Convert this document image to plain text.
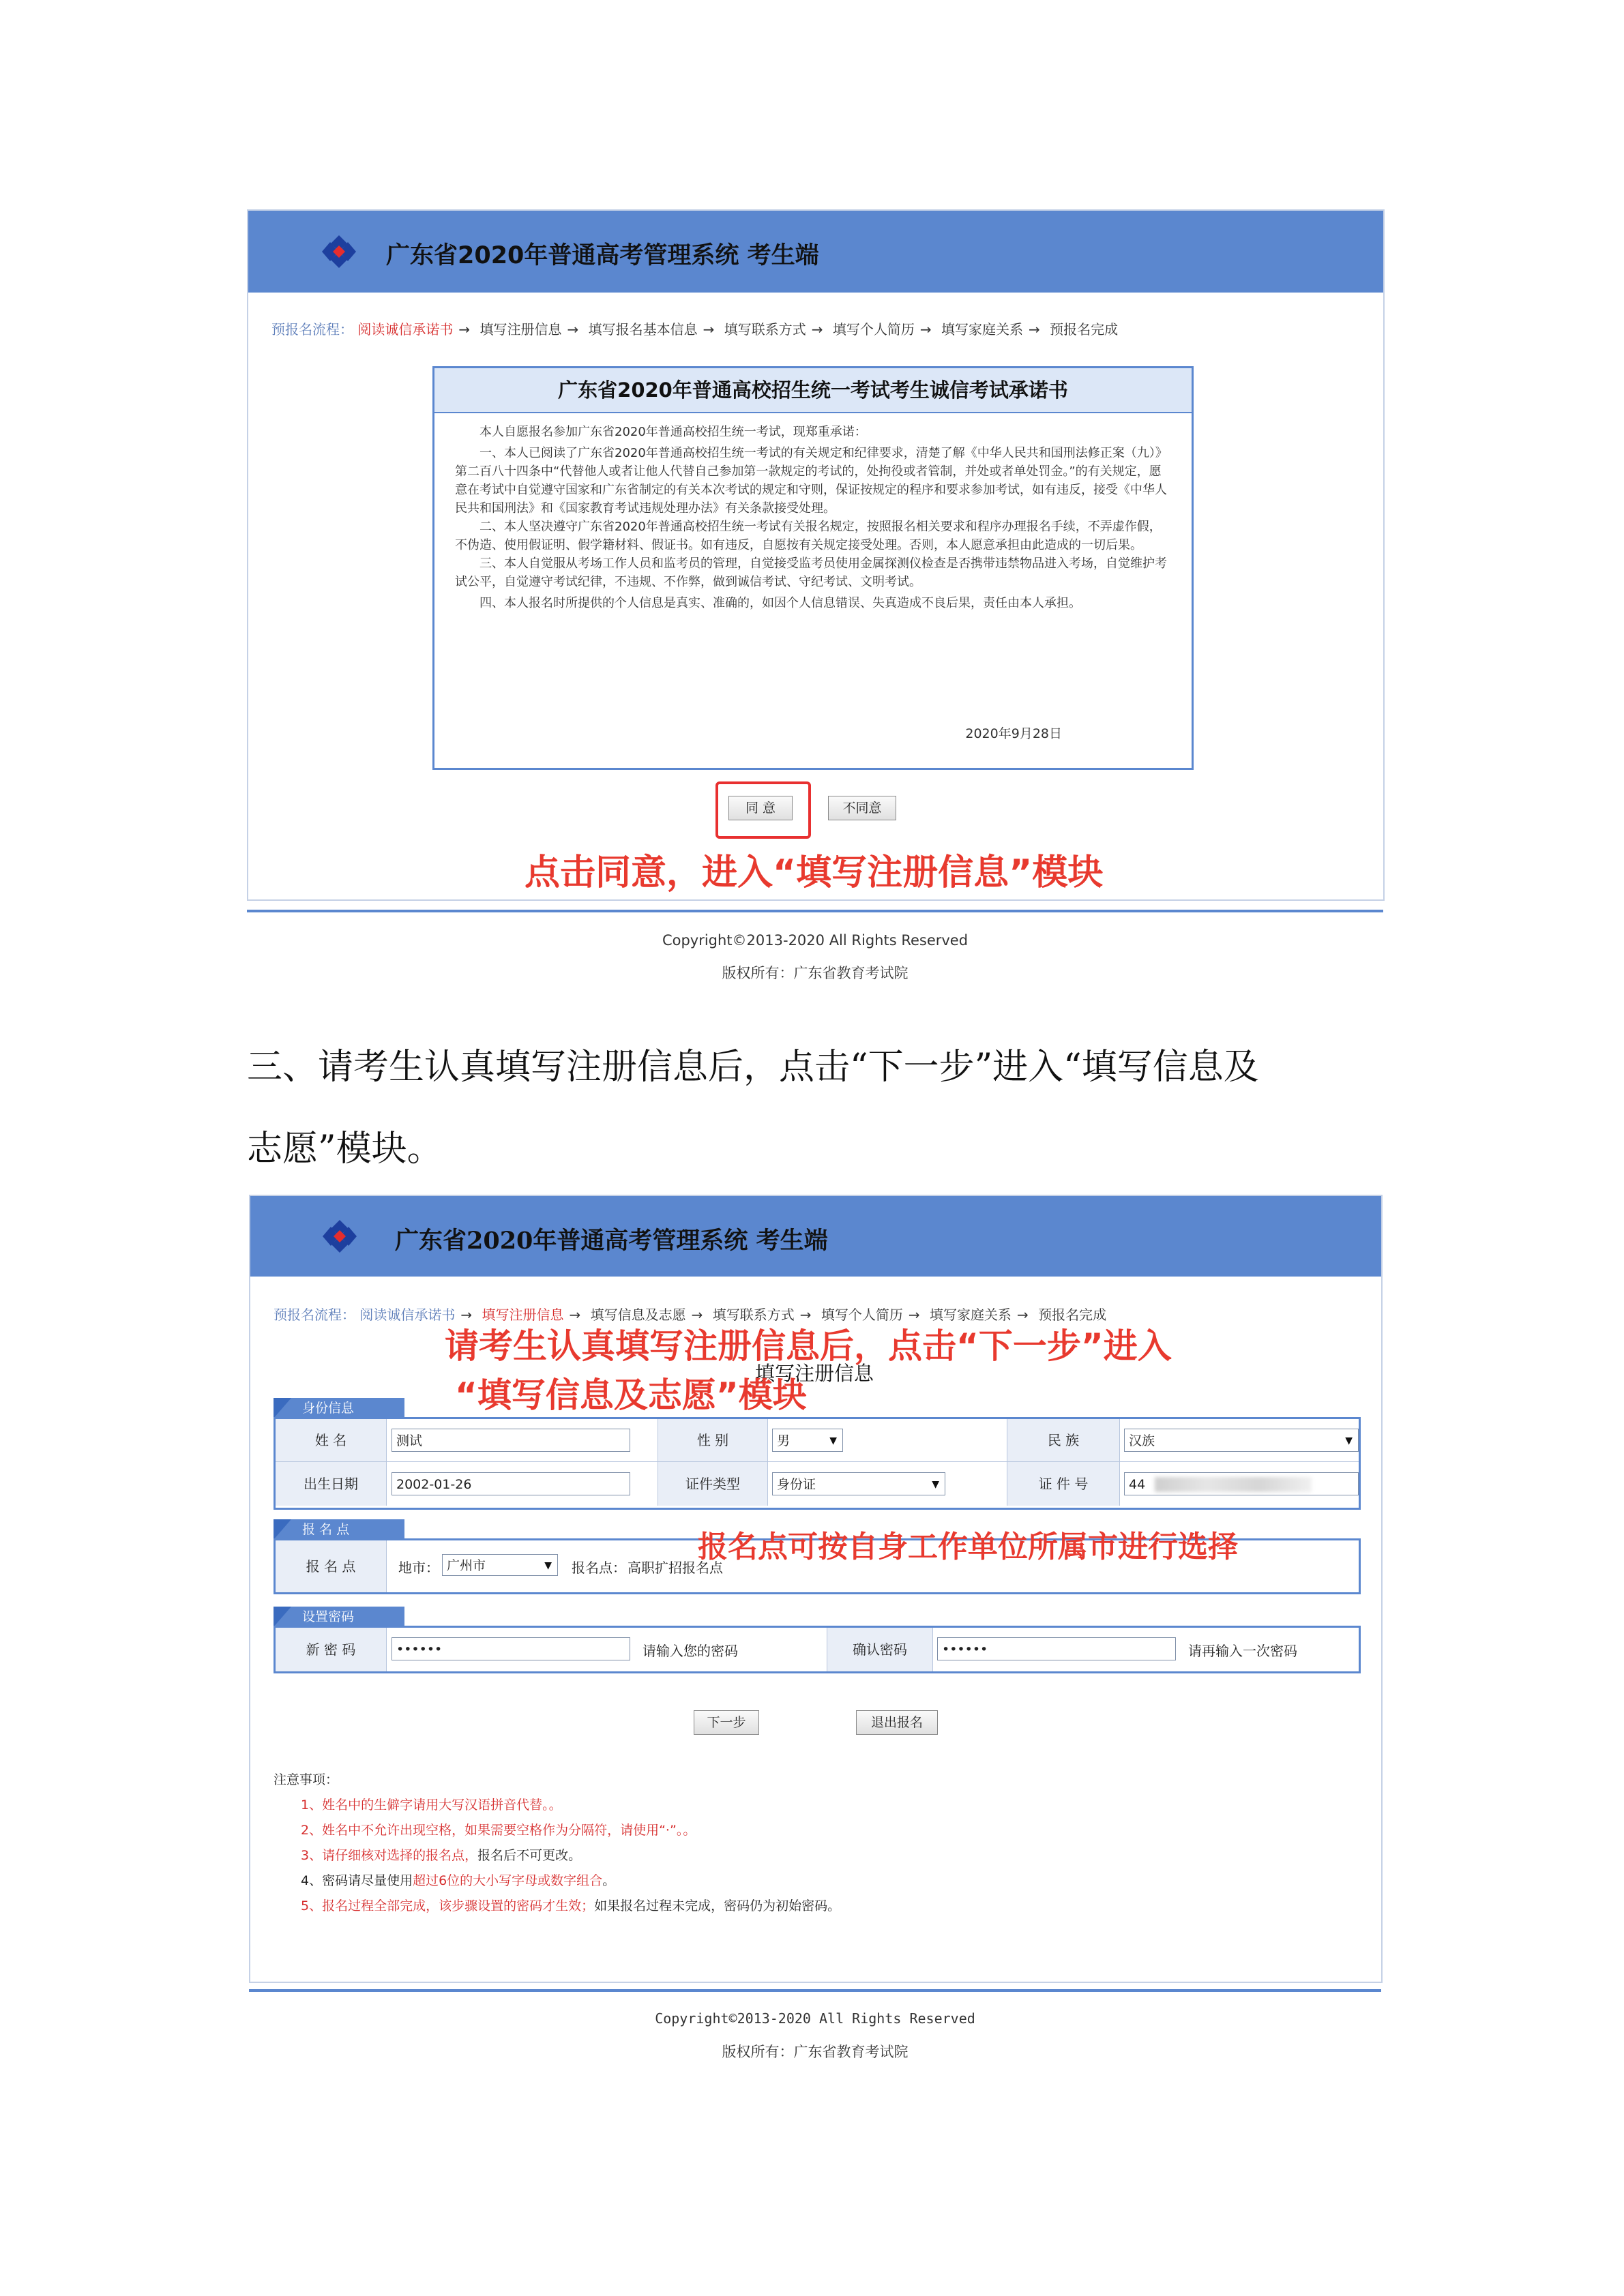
广东省2020年普通高考管理系统 考生端
预报名流程： 阅读诚信承诺书 → 填写注册信息 → 填写报名基本信息 → 填写联系方式 → 填写个人简历 → 填写家庭关系 → 预报名完成
广东省2020年普通高校招生统一考试考生诚信考试承诺书

本人自愿报名参加广东省2020年普通高校招生统一考试，现郑重承诺：

一、本人已阅读了广东省2020年普通高校招生统一考试的有关规定和纪律要求，清楚了解《中华人民共和国刑法修正案（九）》第二百八十四条中“代替他人或者让他人代替自己参加第一款规定的考试的，处拘役或者管制，并处或者单处罚金。”的有关规定，愿意在考试中自觉遵守国家和广东省制定的有关本次考试的规定和守则，保证按规定的程序和要求参加考试，如有违反，接受《中华人民共和国刑法》和《国家教育考试违规处理办法》有关条款接受处理。

二、本人坚决遵守广东省2020年普通高校招生统一考试有关报名规定，按照报名相关要求和程序办理报名手续，不弄虚作假，不伪造、使用假证明、假学籍材料、假证书。如有违反，自愿按有关规定接受处理。否则，本人愿意承担由此造成的一切后果。

三、本人自觉服从考场工作人员和监考员的管理，自觉接受监考员使用金属探测仪检查是否携带违禁物品进入考场，自觉维护考试公平，自觉遵守考试纪律，不违规、不作弊，做到诚信考试、守纪考试、文明考试。

四、本人报名时所提供的个人信息是真实、准确的，如因个人信息错误、失真造成不良后果，责任由本人承担。

2020年9月28日
同 意	不同意
点击同意，进入“填写注册信息”模块
Copyright©2013-2020 All Rights Reserved
版权所有：广东省教育考试院
三、请考生认真填写注册信息后，点击“下一步”进入“填写信息及
志愿”模块。
广东省2020年普通高考管理系统 考生端
预报名流程： 阅读诚信承诺书 → 填写注册信息 → 填写信息及志愿 → 填写联系方式 → 填写个人简历 → 填写家庭关系 → 预报名完成
请考生认真填写注册信息后，点击“下一步”进入
填写注册信息
“填写信息及志愿”模块
身份信息
姓 名	测试	性 别	男 ▼	民 族	汉族 ▼
出生日期	2002-01-26	证件类型	身份证 ▼	证 件 号	44
报 名 点
报 名 点	地市： 广州市 ▼	报名点： 高职扩招报名点
报名点可按自身工作单位所属市进行选择
设置密码
新 密 码	••••••	请输入您的密码	确认密码	••••••	请再输入一次密码
下一步	退出报名
注意事项：
1、姓名中的生僻字请用大写汉语拼音代替。。
2、姓名中不允许出现空格，如果需要空格作为分隔符，请使用“·”。。
3、请仔细核对选择的报名点，报名后不可更改。
4、密码请尽量使用超过6位的大小写字母或数字组合。
5、报名过程全部完成，该步骤设置的密码才生效；如果报名过程未完成，密码仍为初始密码。
Copyright©2013-2020 All Rights Reserved
版权所有：广东省教育考试院
